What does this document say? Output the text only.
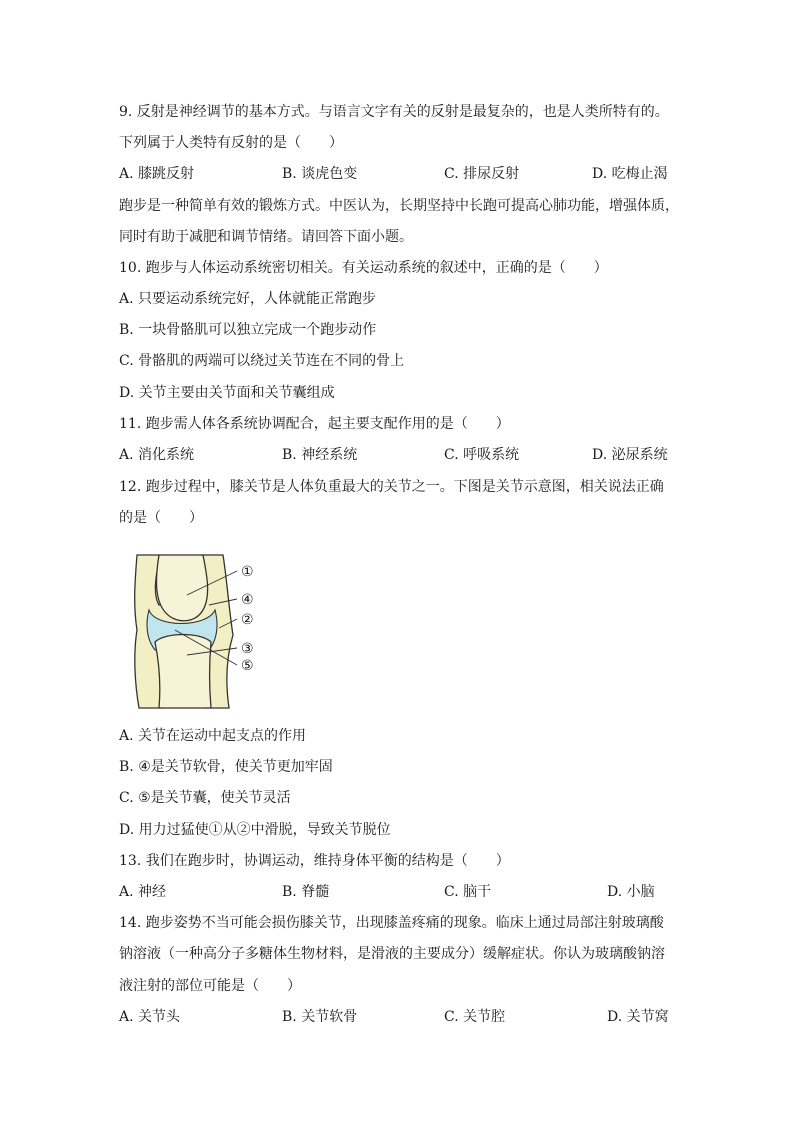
9. 反射是神经调节的基本方式。与语言文字有关的反射是最复杂的，也是人类所特有的。
下列属于人类特有反射的是（　　）
A. 膝跳反射	B. 谈虎色变	C. 排尿反射	D. 吃梅止渴
跑步是一种简单有效的锻炼方式。中医认为，长期坚持中长跑可提高心肺功能，增强体质，
同时有助于减肥和调节情绪。请回答下面小题。
10. 跑步与人体运动系统密切相关。有关运动系统的叙述中，正确的是（　　）
A. 只要运动系统完好，人体就能正常跑步
B. 一块骨骼肌可以独立完成一个跑步动作
C. 骨骼肌的两端可以绕过关节连在不同的骨上
D. 关节主要由关节面和关节囊组成
11. 跑步需人体各系统协调配合，起主要支配作用的是（　　）
A. 消化系统	B. 神经系统	C. 呼吸系统	D. 泌尿系统
12. 跑步过程中，膝关节是人体负重最大的关节之一。下图是关节示意图，相关说法正确
的是（　　）
①
④
②
③
⑤
A. 关节在运动中起支点的作用
B. ④是关节软骨，使关节更加牢固
C. ⑤是关节囊，使关节灵活
D. 用力过猛使①从②中滑脱，导致关节脱位
13. 我们在跑步时，协调运动，维持身体平衡的结构是（　　）
A. 神经	B. 脊髓	C. 脑干	D. 小脑
14. 跑步姿势不当可能会损伤膝关节，出现膝盖疼痛的现象。临床上通过局部注射玻璃酸
钠溶液（一种高分子多糖体生物材料，是滑液的主要成分）缓解症状。你认为玻璃酸钠溶
液注射的部位可能是（　　）
A. 关节头	B. 关节软骨	C. 关节腔	D. 关节窝
